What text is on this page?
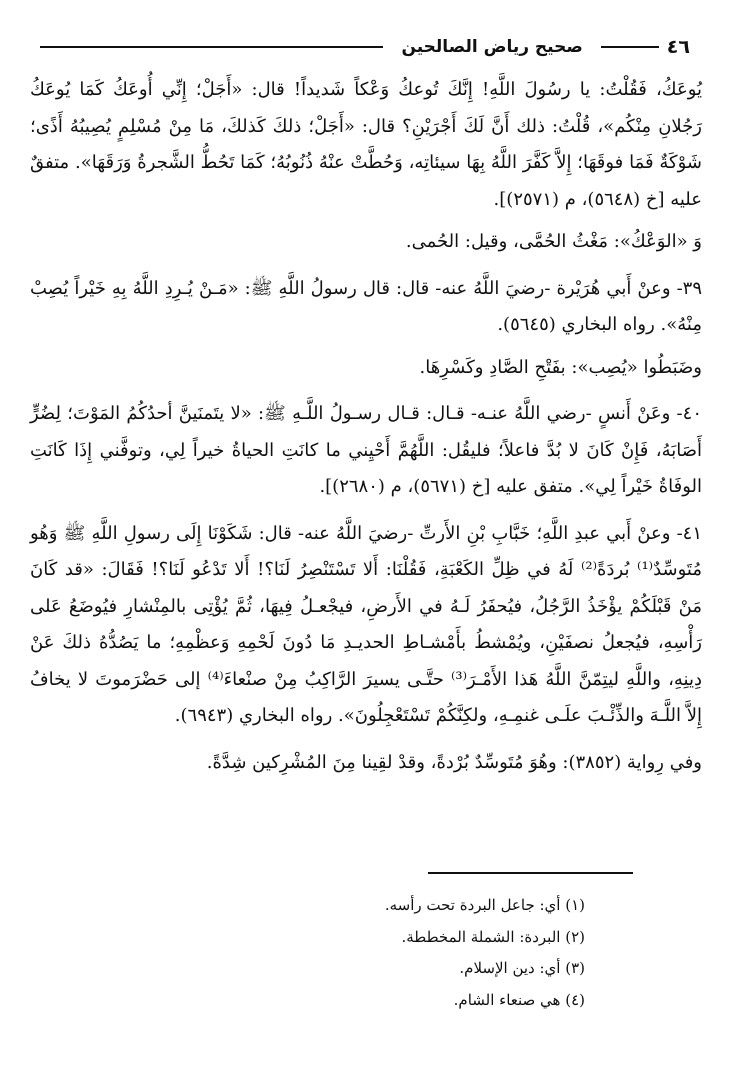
٤٦
صحيح رياض الصالحين

يُوعَكُ، فَقُلْتُ: يا رسُولَ اللَّهِ! إِنَّكَ تُوعكُ وَعْكاً شَديداً! قال: «أَجَلْ؛ إِنِّي أُوعَكُ كَمَا يُوعَكُ رَجُلانِ مِنْكُم»، قُلْتُ: ذلك أَنَّ لَكَ أَجْرَيْنِ؟ قال: «أَجَلْ؛ ذلكَ كَذلكَ، مَا مِنْ مُسْلِمٍ يُصِيبُهُ أَذًى؛ شَوْكَةٌ فَمَا فوقَهَا؛ إِلاَّ كَفَّرَ اللَّهُ بِهَا سيئاتِه، وَحُطَّتْ عنْهُ ذُنُوبُهُ؛ كَمَا تَحُطُّ الشَّجرةُ وَرَقَهَا». متفقٌ عليه [خ (٥٦٤٨)، م (٢٥٧١)].

وَ «الوَعْكُ»: مَغْثُ الحُمَّى، وقيل: الحُمى.

٣٩- وعنْ أَبي هُرَيْرة -رضيَ اللَّهُ عنه- قال: قال رسولُ اللَّهِ ﷺ: «مَـنْ يُـرِدِ اللَّهُ بِهِ خَيْراً يُصِبْ مِنْهُ». رواه البخاري (٥٦٤٥).

وضَبَطُوا «يُصِب»: بفَتْحِ الصَّادِ وكَسْرِهَا.

٤٠- وعَنْ أَنسٍ -رضي اللَّهُ عنـه- قـال: قـال رسـولُ اللَّـهِ ﷺ: «لا يتَمنَينَّ أحدُكُمُ المَوْتَ؛ لِضُرٍّ أَصَابَهُ، فَإِنْ كَانَ لا بُدَّ فاعلاً؛ فليقُل: اللَّهُمَّ أَحْيِني ما كانَتِ الحياةُ خيراً لِي، وتوفَّني إِذَا كَانَتِ الوفَاةُ خَيْراً لِي». متفق عليه [خ (٥٦٧١)، م (٢٦٨٠)].

٤١- وعنْ أَبي عبدِ اللَّهِ؛ خَبَّابِ بْنِ الأَرتِّ -رضيَ اللَّهُ عنه- قال: شَكَوْنَا إِلَى رسولِ اللَّهِ ﷺ وَهُو مُتَوسِّدٌ⁽¹⁾ بُردَةً⁽²⁾ لَهُ في ظِلِّ الكَعْبَةِ، فَقُلْنَا: أَلا تَسْتَنْصِرُ لَنَا؟! أَلا تَدْعُو لَنَا؟! فَقَالَ: «قد كَانَ مَنْ قَبْلَكُمْ يؤْخَذُ الرَّجُلُ، فيُحفَرُ لَـهُ في الأَرضِ، فيجْعـلُ فِيهَا، ثُمَّ يُؤْتِى بالمِنْشارِ فيُوضَعُ عَلى رَأْسِهِ، فيُجعلُ نصفَيْنِ، ويُمْشطُ بأَمْشـاطِ الحديـدِ مَا دُونَ لَحْمِهِ وَعظْمِهِ؛ ما يَصُدُّهُ ذلكَ عَنْ دِينِهِ، واللَّهِ ليتِمّنَّ اللَّهُ هَذا الأَمْـرَ⁽³⁾ حتَّـى يسيرَ الرَّاكِبُ مِنْ صنْعاءَ⁽⁴⁾ إلى حَضْرَموتَ لا يخافُ إِلاَّ اللَّـهَ والذِّئْـبَ علَـى غنمِـهِ، ولكِنَّكُمْ تَسْتَعْجِلُونَ». رواه البخاري (٦٩٤٣).

وفي رِواية (٣٨٥٢): وهُوَ مُتَوسِّدٌ بُرْدةً، وقدْ لقِينا مِنَ المُشْرِكين شِدَّةً.

(١) أي: جاعل البردة تحت رأسه.
(٢) البردة: الشملة المخططة.
(٣) أي: دين الإسلام.
(٤) هي صنعاء الشام.
